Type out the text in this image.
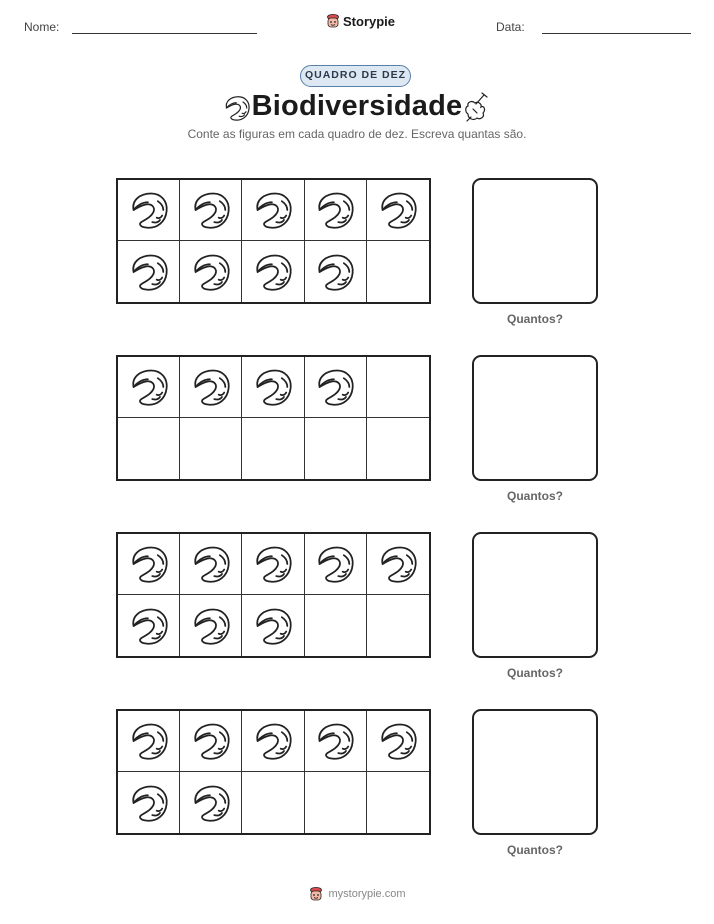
Nome:	Storypie	Data:
QUADRO DE DEZ
Biodiversidade
Conte as figuras em cada quadro de dez. Escreva quantas são.
Quantos?
Quantos?
Quantos?
Quantos?
mystorypie.com
